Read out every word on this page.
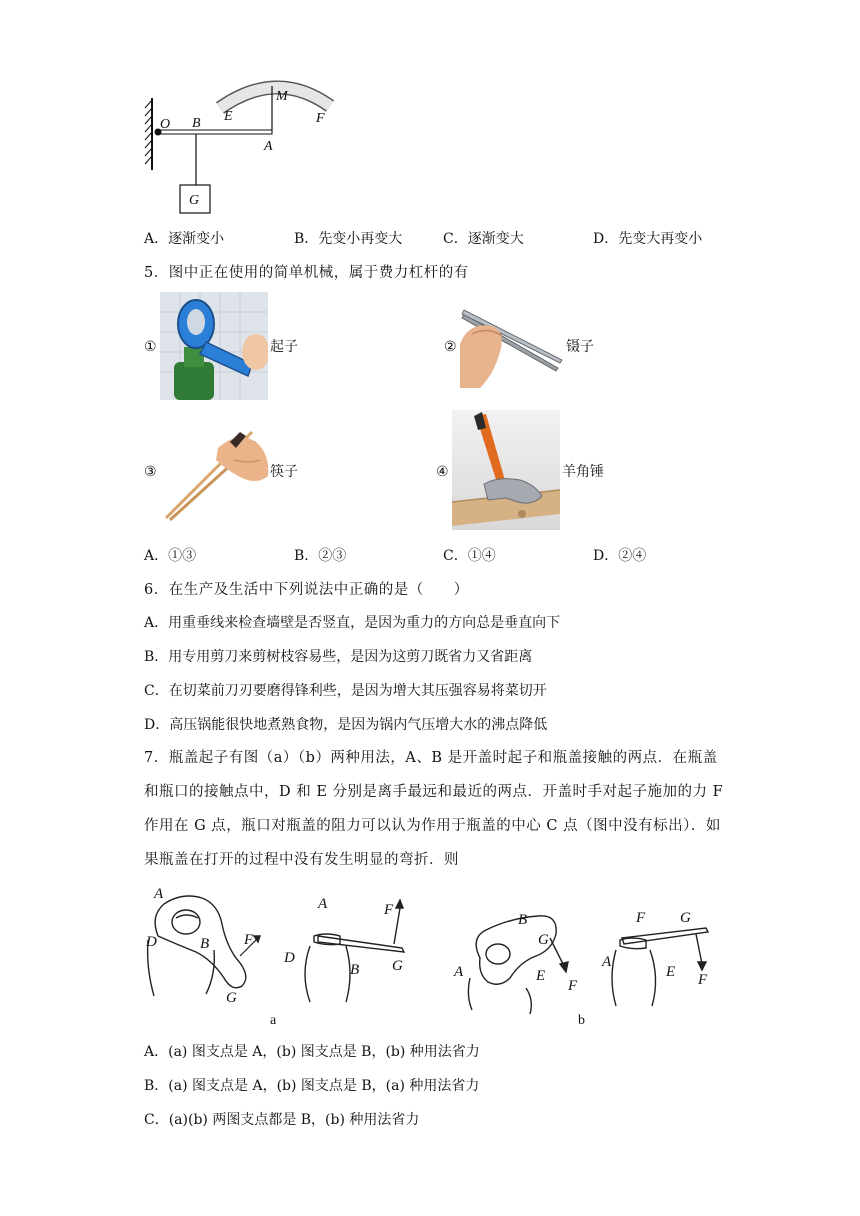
O B E
M
F
A
G
A．逐渐变小	B．先变小再变大	C．逐渐变大	D．先变大再变小
5．图中正在使用的简单机械，属于费力杠杆的有
①	起子	②	镊子
③	筷子	④	羊角锤
A．①③	B．②③	C．①④	D．②④
6．在生产及生活中下列说法中正确的是（　　）
A．用重垂线来检查墙壁是否竖直，是因为重力的方向总是垂直向下
B．用专用剪刀来剪树枝容易些，是因为这剪刀既省力又省距离
C．在切菜前刀刃要磨得锋利些，是因为增大其压强容易将菜切开
D．高压锅能很快地煮熟食物，是因为锅内气压增大水的沸点降低
7．瓶盖起子有图（a）（b）两种用法，A、B 是开盖时起子和瓶盖接触的两点．在瓶盖
和瓶口的接触点中，D 和 E 分别是离手最远和最近的两点．开盖时手对起子施加的力 F
作用在 G 点，瓶口对瓶盖的阻力可以认为作用于瓶盖的中心 C 点（图中没有标出）．如
果瓶盖在打开的过程中没有发生明显的弯折．则
A
D	B F
G
A	F
D
B G
B
G
A	E
F
F G
A
E F
a	b
A．(a) 图支点是 A，(b) 图支点是 B，(b) 种用法省力
B．(a) 图支点是 A，(b) 图支点是 B，(a) 种用法省力
C．(a)(b) 两图支点都是 B，(b) 种用法省力
